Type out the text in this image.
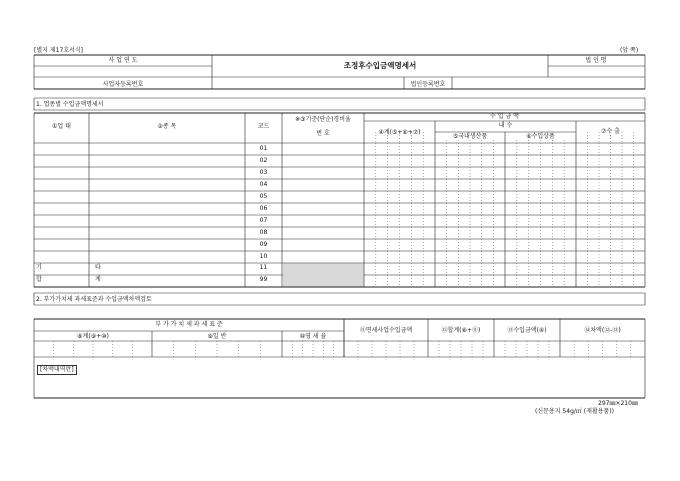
[별지 제17호서식]	(앞 쪽)
사 업 연 도
조정후수입금액명세서
법 인 명
사업자등록번호	법인등록번호
1. 업종별 수입금액명세서
①업 태	②종 목	코드
※③기준(단순)경비율
번 호
수 입 금 액
④계(⑤+⑥+⑦)
내 수
⑤국내생산품	⑥수입상품
⑦수 출
01
02
03
04
05
06
07
08
09
10
기	타	11
합	계	99
2. 부가가치세 과세표준과 수입금액차액검토
부 가 가 치 세 과 세 표 준
⑧계(⑨+⑩)	⑨일 반	⑩영 세 율
⑪면세사업수입금액	⑫합계(⑧+⑪)	⑬수입금액(④)	⑭차액(⑫-⑬)
[차액내역란]
297㎜×210㎜
(신문용지 54g/㎡ (재활용품))
